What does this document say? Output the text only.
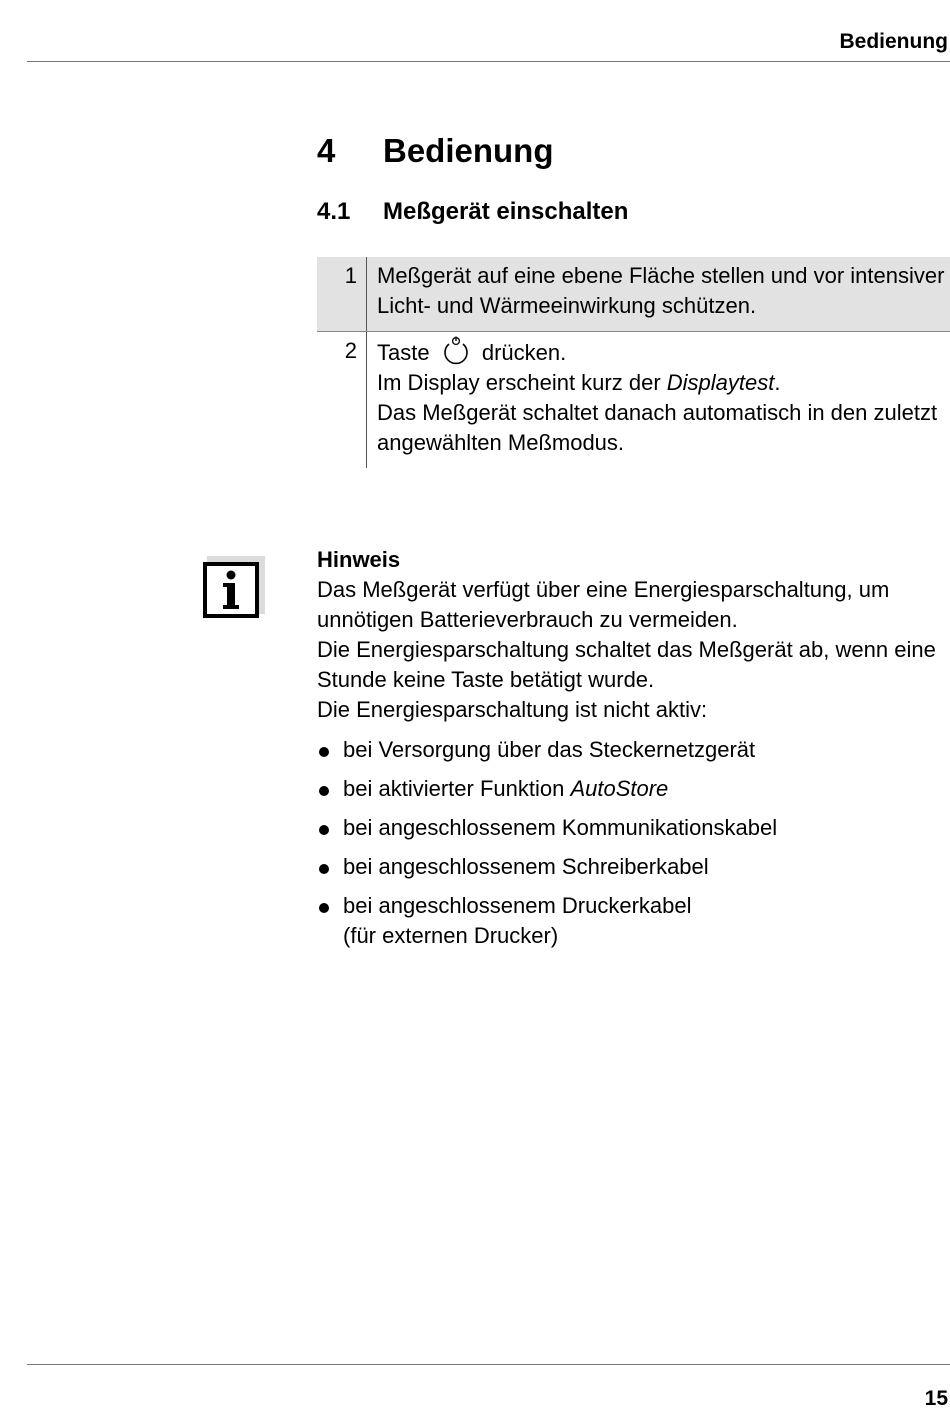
Bedienung
4 Bedienung
4.1 Meßgerät einschalten
1 Meßgerät auf eine ebene Fläche stellen und vor intensiver Licht- und Wärmeeinwirkung schützen.
2 Taste drücken.
Im Display erscheint kurz der Displaytest.
Das Meßgerät schaltet danach automatisch in den zuletzt angewählten Meßmodus.
Hinweis
Das Meßgerät verfügt über eine Energiesparschaltung, um unnötigen Batterieverbrauch zu vermeiden.
Die Energiesparschaltung schaltet das Meßgerät ab, wenn eine Stunde keine Taste betätigt wurde.
Die Energiesparschaltung ist nicht aktiv:
bei Versorgung über das Steckernetzgerät
bei aktivierter Funktion AutoStore
bei angeschlossenem Kommunikationskabel
bei angeschlossenem Schreiberkabel
bei angeschlossenem Druckerkabel
(für externen Drucker)
15
